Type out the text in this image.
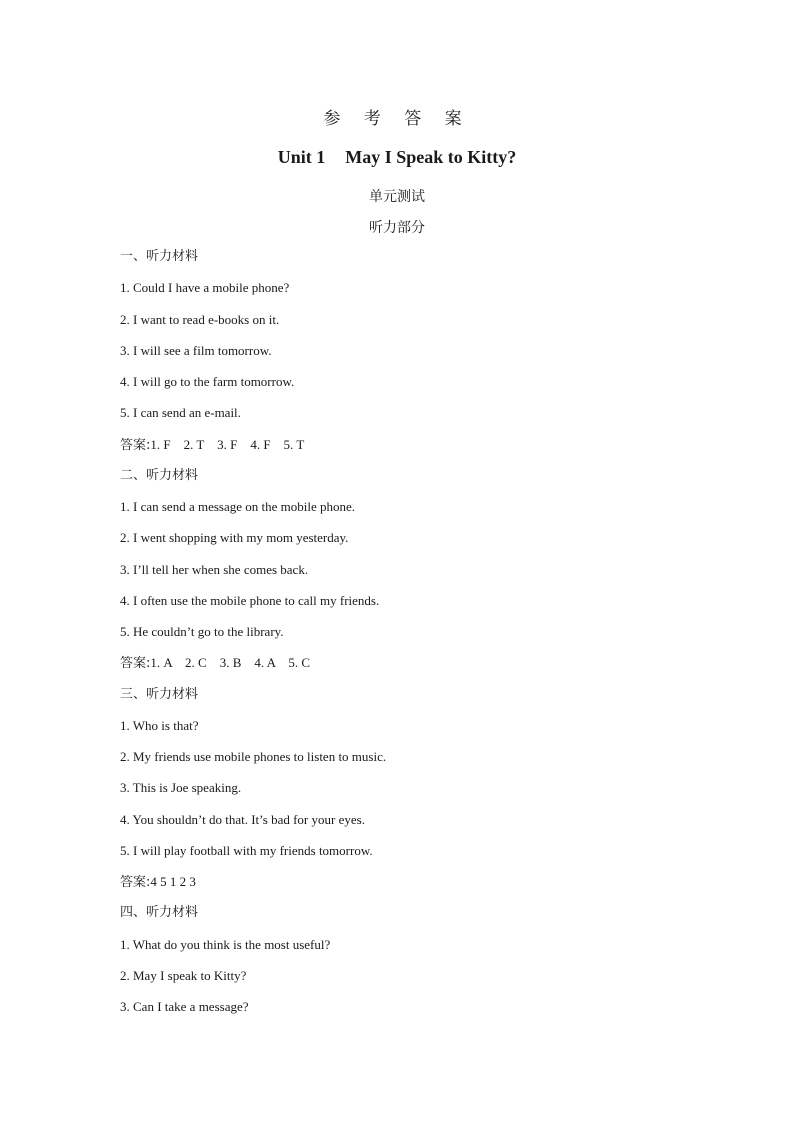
参 考 答 案
Unit 1 May I Speak to Kitty?
单元测试
听力部分
一、听力材料
1. Could I have a mobile phone?
2. I want to read e-books on it.
3. I will see a film tomorrow.
4. I will go to the farm tomorrow.
5. I can send an e-mail.
答案:1. F    2. T    3. F    4. F    5. T
二、听力材料
1. I can send a message on the mobile phone.
2. I went shopping with my mom yesterday.
3. I’ll tell her when she comes back.
4. I often use the mobile phone to call my friends.
5. He couldn’t go to the library.
答案:1. A    2. C    3. B    4. A    5. C
三、听力材料
1. Who is that?
2. My friends use mobile phones to listen to music.
3. This is Joe speaking.
4. You shouldn’t do that. It’s bad for your eyes.
5. I will play football with my friends tomorrow.
答案:4 5 1 2 3
四、听力材料
1. What do you think is the most useful?
2. May I speak to Kitty?
3. Can I take a message?
